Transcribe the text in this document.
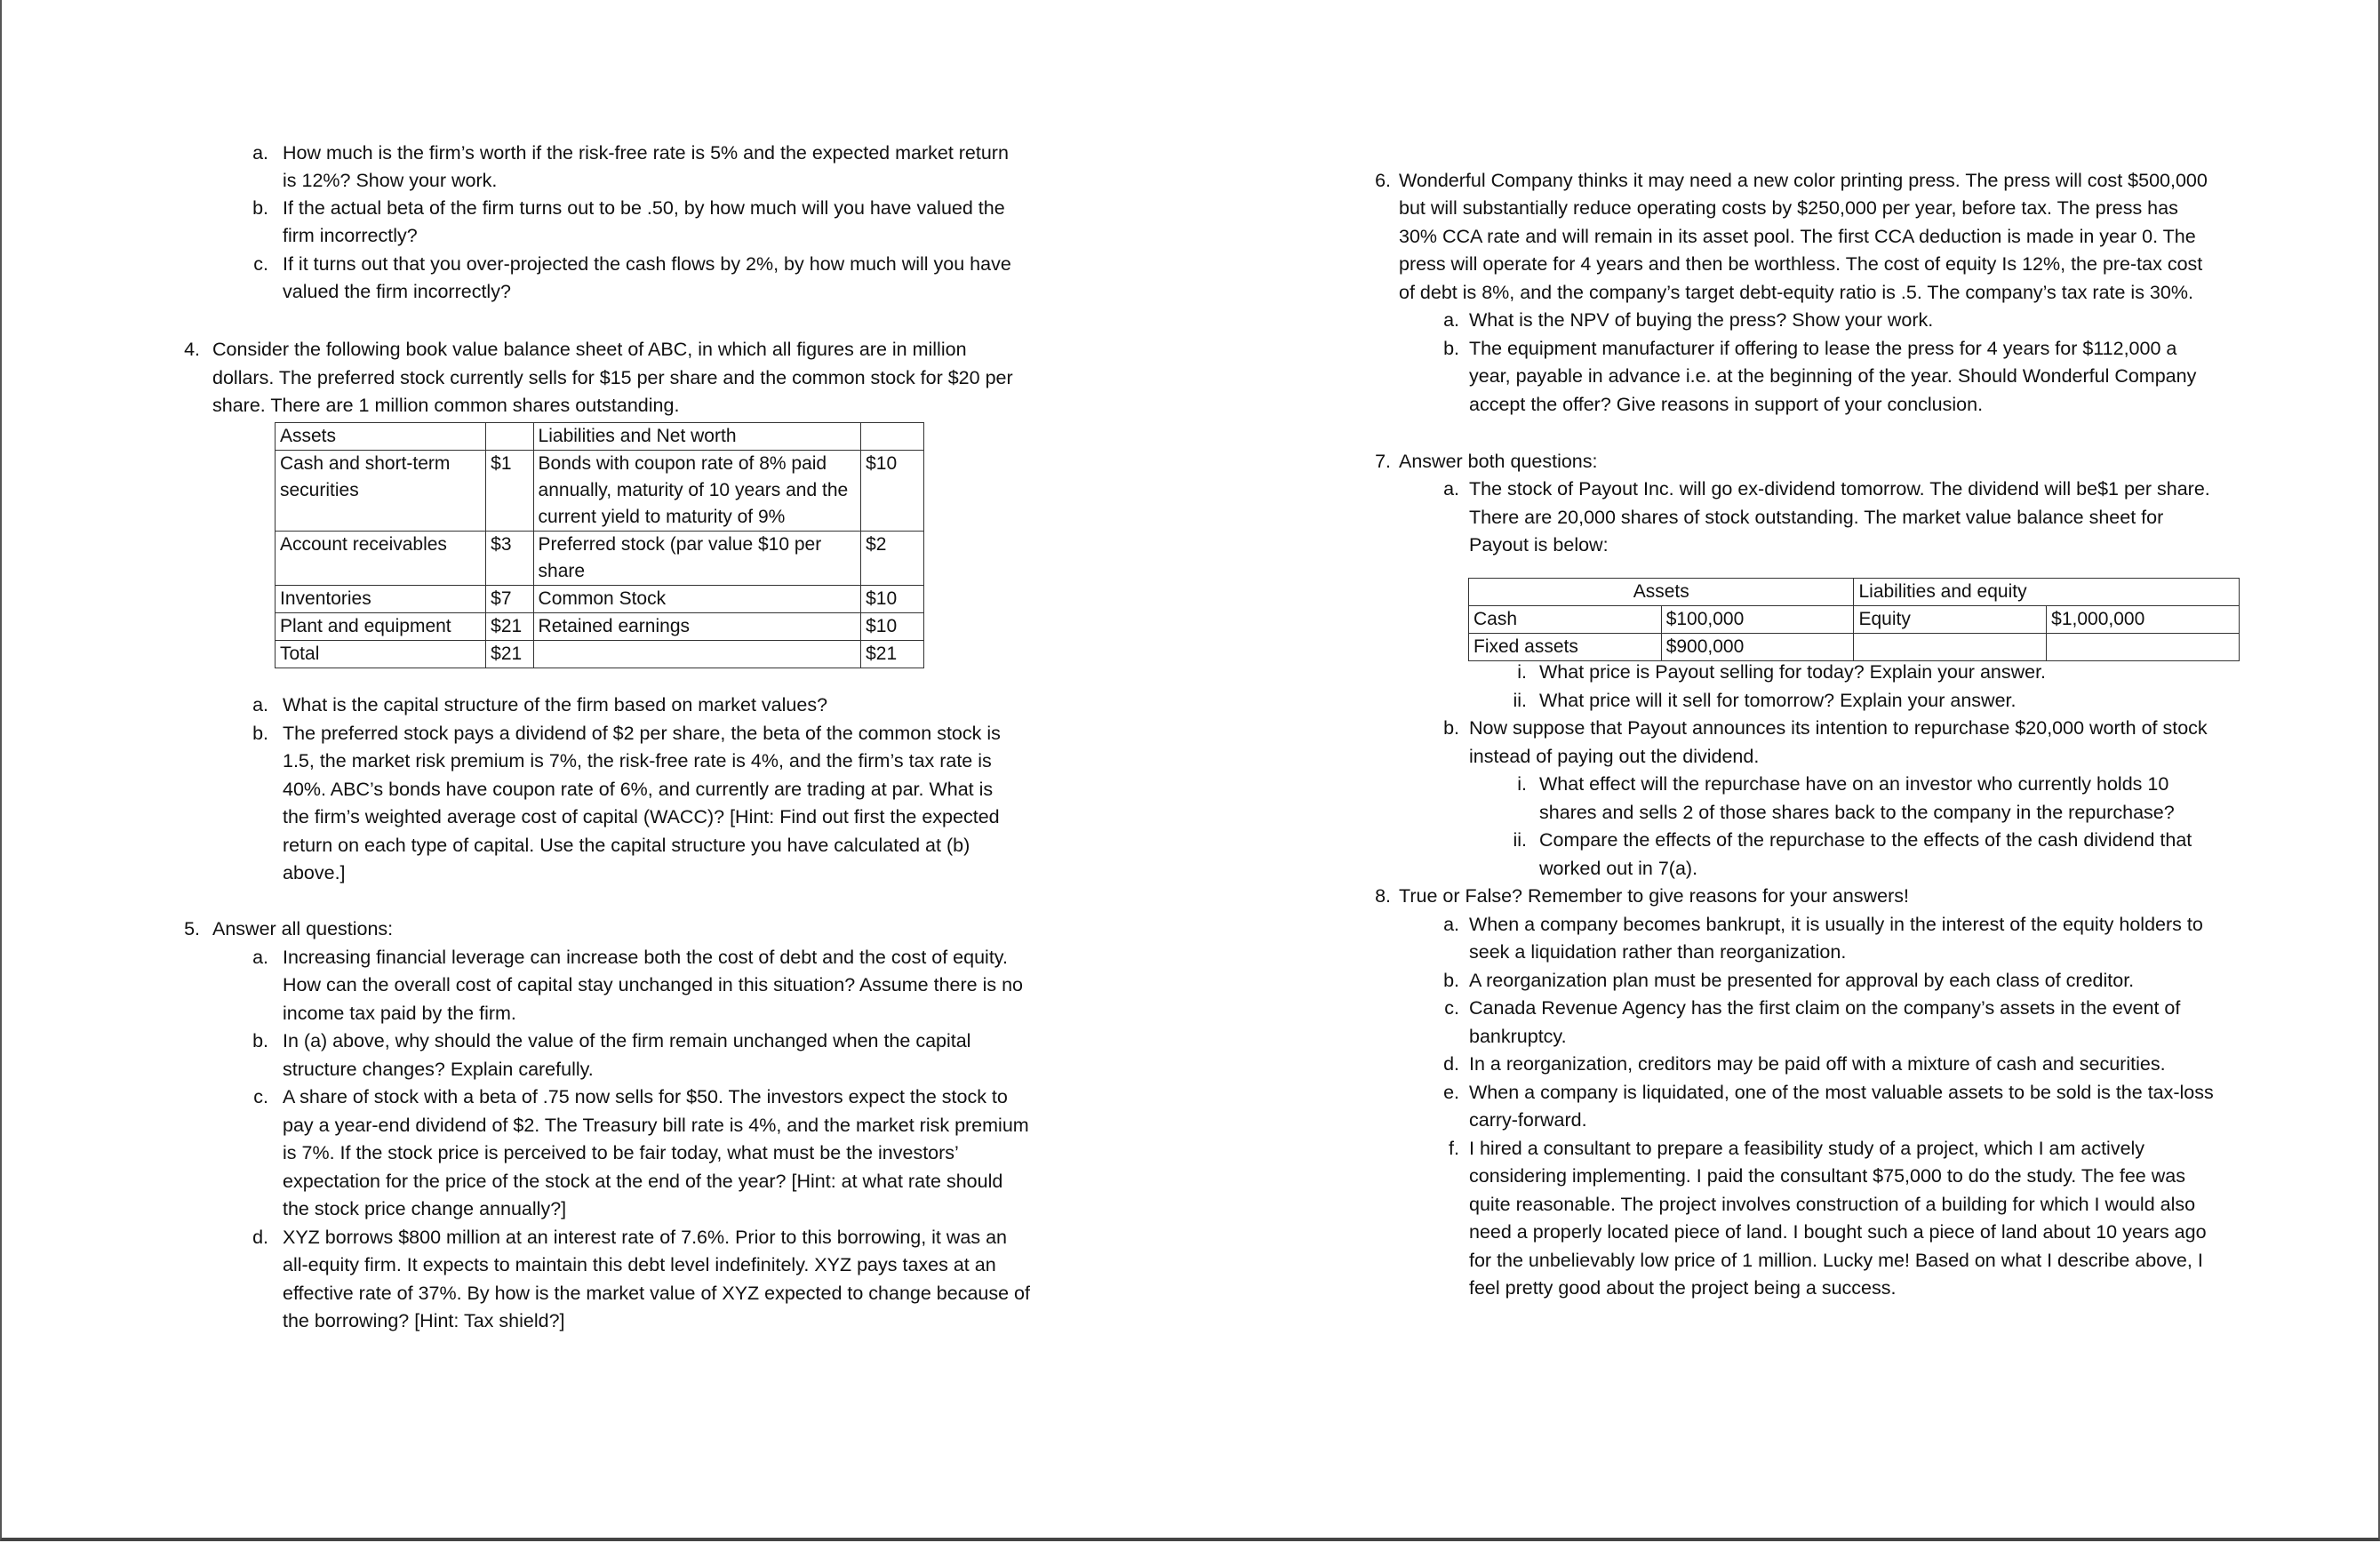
a. How much is the firm’s worth if the risk-free rate is 5% and the expected market return
is 12%? Show your work.
b. If the actual beta of the firm turns out to be .50, by how much will you have valued the
firm incorrectly?
c. If it turns out that you over-projected the cash flows by 2%, by how much will you have
valued the firm incorrectly?
4. Consider the following book value balance sheet of ABC, in which all figures are in million
dollars. The preferred stock currently sells for $15 per share and the common stock for $20 per
share. There are 1 million common shares outstanding.
Assets		Liabilities and Net worth	
Cash and short-term securities	$1	Bonds with coupon rate of 8% paid annually, maturity of 10 years and the current yield to maturity of 9%	$10
Account receivables	$3	Preferred stock (par value $10 per share	$2
Inventories	$7	Common Stock	$10
Plant and equipment	$21	Retained earnings	$10
Total	$21		$21
a. What is the capital structure of the firm based on market values?
b. The preferred stock pays a dividend of $2 per share, the beta of the common stock is
1.5, the market risk premium is 7%, the risk-free rate is 4%, and the firm’s tax rate is
40%. ABC’s bonds have coupon rate of 6%, and currently are trading at par. What is
the firm’s weighted average cost of capital (WACC)? [Hint: Find out first the expected
return on each type of capital. Use the capital structure you have calculated at (b)
above.]
5. Answer all questions:
a. Increasing financial leverage can increase both the cost of debt and the cost of equity.
How can the overall cost of capital stay unchanged in this situation? Assume there is no
income tax paid by the firm.
b. In (a) above, why should the value of the firm remain unchanged when the capital
structure changes? Explain carefully.
c. A share of stock with a beta of .75 now sells for $50. The investors expect the stock to
pay a year-end dividend of $2. The Treasury bill rate is 4%, and the market risk premium
is 7%. If the stock price is perceived to be fair today, what must be the investors’
expectation for the price of the stock at the end of the year? [Hint: at what rate should
the stock price change annually?]
d. XYZ borrows $800 million at an interest rate of 7.6%. Prior to this borrowing, it was an
all-equity firm. It expects to maintain this debt level indefinitely. XYZ pays taxes at an
effective rate of 37%. By how is the market value of XYZ expected to change because of
the borrowing? [Hint: Tax shield?]
6. Wonderful Company thinks it may need a new color printing press. The press will cost $500,000
but will substantially reduce operating costs by $250,000 per year, before tax. The press has
30% CCA rate and will remain in its asset pool. The first CCA deduction is made in year 0. The
press will operate for 4 years and then be worthless. The cost of equity Is 12%, the pre-tax cost
of debt is 8%, and the company’s target debt-equity ratio is .5. The company’s tax rate is 30%.
a. What is the NPV of buying the press? Show your work.
b. The equipment manufacturer if offering to lease the press for 4 years for $112,000 a
year, payable in advance i.e. at the beginning of the year. Should Wonderful Company
accept the offer? Give reasons in support of your conclusion.
7. Answer both questions:
a. The stock of Payout Inc. will go ex-dividend tomorrow. The dividend will be$1 per share.
There are 20,000 shares of stock outstanding. The market value balance sheet for
Payout is below:
Assets		Liabilities and equity	
Cash	$100,000	Equity	$1,000,000
Fixed assets	$900,000		
i. What price is Payout selling for today? Explain your answer.
ii. What price will it sell for tomorrow? Explain your answer.
b. Now suppose that Payout announces its intention to repurchase $20,000 worth of stock
instead of paying out the dividend.
i. What effect will the repurchase have on an investor who currently holds 10
shares and sells 2 of those shares back to the company in the repurchase?
ii. Compare the effects of the repurchase to the effects of the cash dividend that
worked out in 7(a).
8. True or False? Remember to give reasons for your answers!
a. When a company becomes bankrupt, it is usually in the interest of the equity holders to
seek a liquidation rather than reorganization.
b. A reorganization plan must be presented for approval by each class of creditor.
c. Canada Revenue Agency has the first claim on the company’s assets in the event of
bankruptcy.
d. In a reorganization, creditors may be paid off with a mixture of cash and securities.
e. When a company is liquidated, one of the most valuable assets to be sold is the tax-loss
carry-forward.
f. I hired a consultant to prepare a feasibility study of a project, which I am actively
considering implementing. I paid the consultant $75,000 to do the study. The fee was
quite reasonable. The project involves construction of a building for which I would also
need a properly located piece of land. I bought such a piece of land about 10 years ago
for the unbelievably low price of 1 million. Lucky me! Based on what I describe above, I
feel pretty good about the project being a success.
